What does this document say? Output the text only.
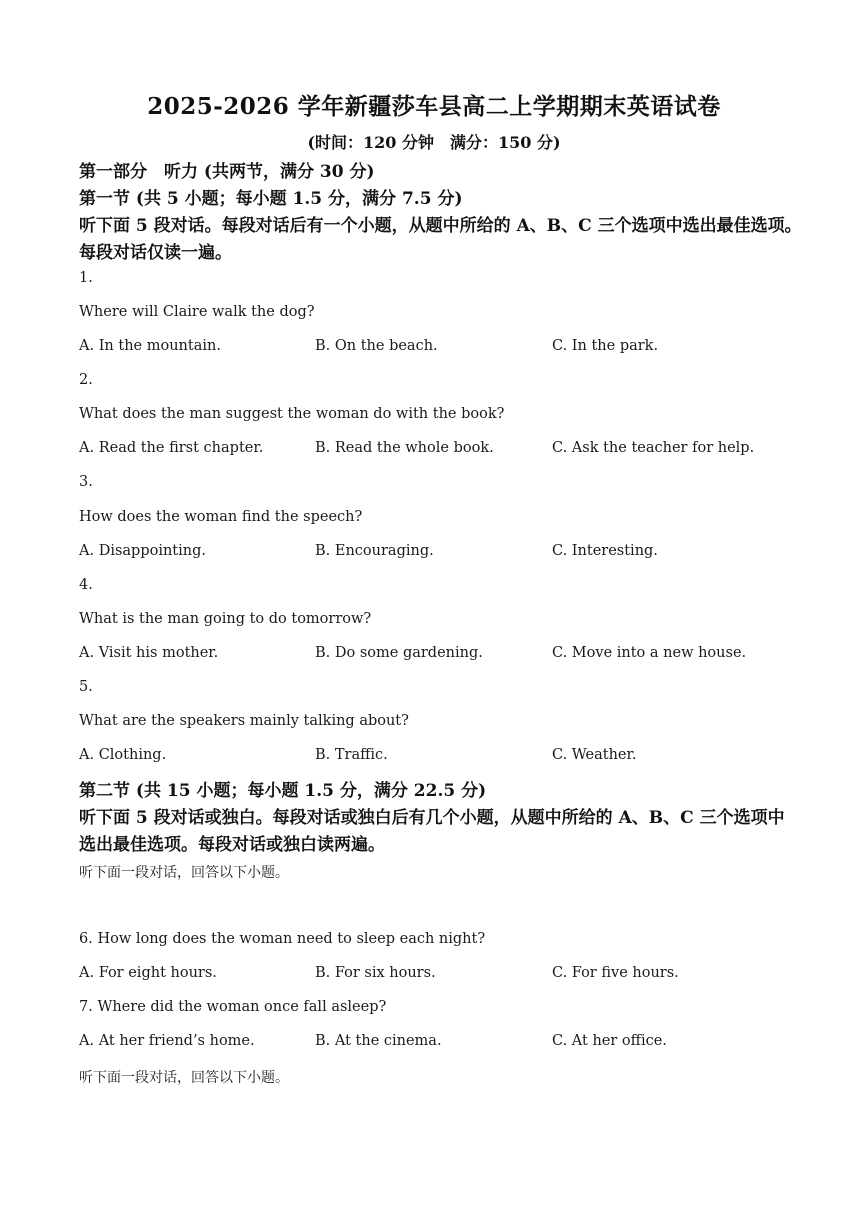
2025-2026 学年新疆莎车县高二上学期期末英语试卷
(时间：120 分钟　满分：150 分)
第一部分　听力 (共两节，满分 30 分)
第一节 (共 5 小题；每小题 1.5 分，满分 7.5 分)
听下面 5 段对话。每段对话后有一个小题，从题中所给的 A、B、C 三个选项中选出最佳选项。
每段对话仅读一遍。
1.
Where will Claire walk the dog?
A. In the mountain.	B. On the beach.	C. In the park.
2.
What does the man suggest the woman do with the book?
A. Read the first chapter.	B. Read the whole book.	C. Ask the teacher for help.
3.
How does the woman find the speech?
A. Disappointing.	B. Encouraging.	C. Interesting.
4.
What is the man going to do tomorrow?
A. Visit his mother.	B. Do some gardening.	C. Move into a new house.
5.
What are the speakers mainly talking about?
A. Clothing.	B. Traffic.	C. Weather.
第二节 (共 15 小题；每小题 1.5 分，满分 22.5 分)
听下面 5 段对话或独白。每段对话或独白后有几个小题，从题中所给的 A、B、C 三个选项中
选出最佳选项。每段对话或独白读两遍。
听下面一段对话，回答以下小题。
6. How long does the woman need to sleep each night?
A. For eight hours.	B. For six hours.	C. For five hours.
7. Where did the woman once fall asleep?
A. At her friend’s home.	B. At the cinema.	C. At her office.
听下面一段对话，回答以下小题。
